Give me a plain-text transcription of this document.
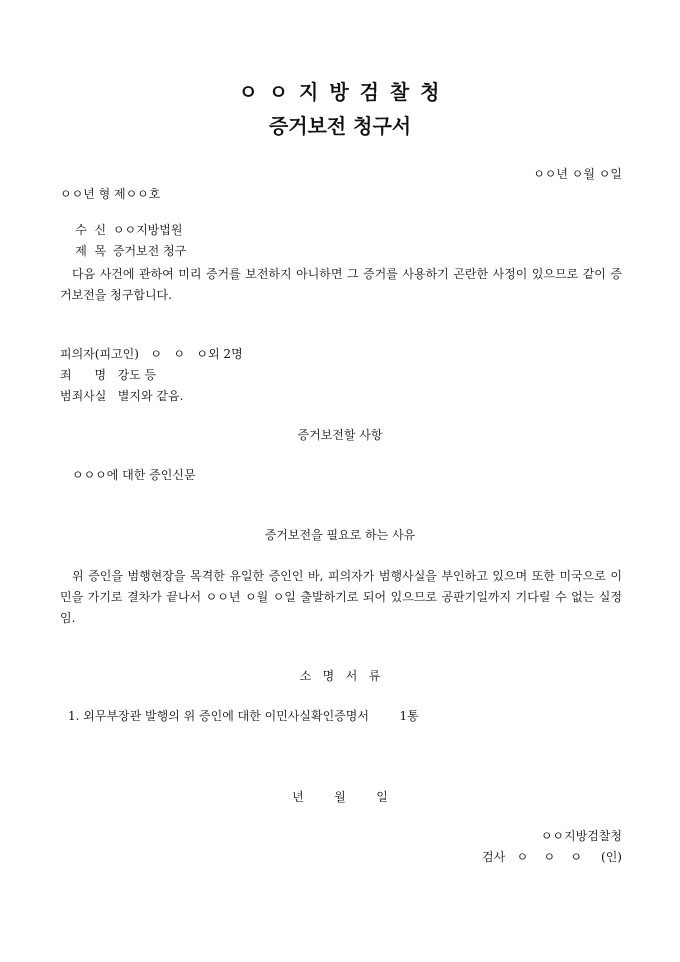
ㅇ ㅇ 지 방 검 찰 청
증거보전 청구서
ㅇㅇ년 ㅇ월 ㅇ일
ㅇㅇ년 형 제ㅇㅇ호

수  신 ㅇㅇ지방법원

제  목 증거보전 청구

다음 사건에 관하여 미리 증거를 보전하지 아니하면 그 증거를 사용하기 곤란한 사정이 있으므로 같이 증거보전을 청구합니다.
피의자(피고인)   ㅇ   ㅇ   ㅇ외 2명
죄      명   강도 등
범죄사실   별지와 같음.
증거보전할 사항
ㅇㅇㅇ에 대한 증인신문
증거보전을 필요로 하는 사유
위 증인을 범행현장을 목격한 유일한 증인인 바, 피의자가 범행사실을 부인하고 있으며 또한 미국으로 이민을 가기로 결차가 끝나서 ㅇㅇ년 ㅇ월 ㅇ일 출발하기로 되어 있으므로 공판기일까지 기다릴 수 없는 실정임.
소   명   서   류
1. 외무부장관 발행의 위 증인에 대한 이민사실확인증명서        1통
년        월        일
ㅇㅇ지방검찰청
검사   ㅇ    ㅇ    ㅇ     (인)
